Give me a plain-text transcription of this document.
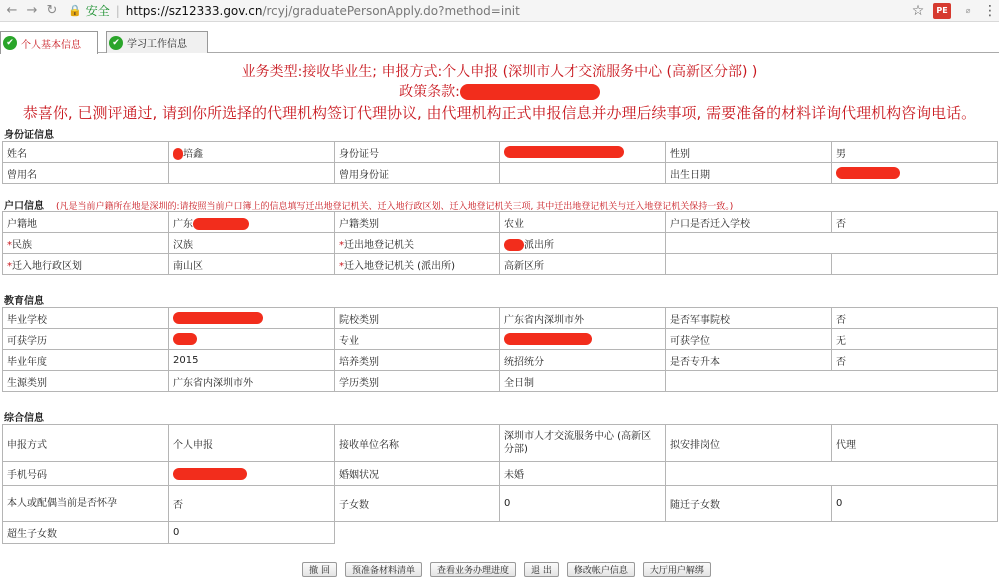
← → ↻ 🔒 安全 | https://sz12333.gov.cn /rcyj/graduatePersonApply.do?method=init	☆	PE	⌀ ⋮
✔ 个人基本信息	✔ 学习工作信息
业务类型:接收毕业生; 申报方式:个人申报 (深圳市人才交流服务中心 (高新区分部) )
政策条款:
恭喜你, 已测评通过, 请到你所选择的代理机构签订代理协议, 由代理机构正式申报信息并办理后续事项, 需要准备的材料详询代理机构咨询电话。
身份证信息
姓名	培鑫	身份证号		性别	男
曾用名		曾用身份证		出生日期	
户口信息 (凡是当前户籍所在地是深圳的:请按照当前户口簿上的信息填写迁出地登记机关、迁入地行政区划、迁入地登记机关三项, 其中迁出地登记机关与迁入地登记机关保持一致。)
户籍地	广东	户籍类别	农业	户口是否迁入学校	否
*民族	汉族	*迁出地登记机关	派出所		
*迁入地行政区划	南山区	*迁入地登记机关 (派出所)	高新区所		
教育信息
毕业学校		院校类别	广东省内深圳市外	是否军事院校	否
可获学历		专业		可获学位	无
毕业年度	2015	培养类别	统招统分	是否专升本	否
生源类别	广东省内深圳市外	学历类别	全日制		
综合信息
申报方式	个人申报	接收单位名称	深圳市人才交流服务中心 (高新区分部)	拟安排岗位	代理
手机号码		婚姻状况	未婚		
本人或配偶当前是否怀孕	否	子女数	0	随迁子女数	0
超生子女数	0				
撤 回	预准备材料清单	查看业务办理进度	退 出	修改帐户信息	大厅用户解绑
